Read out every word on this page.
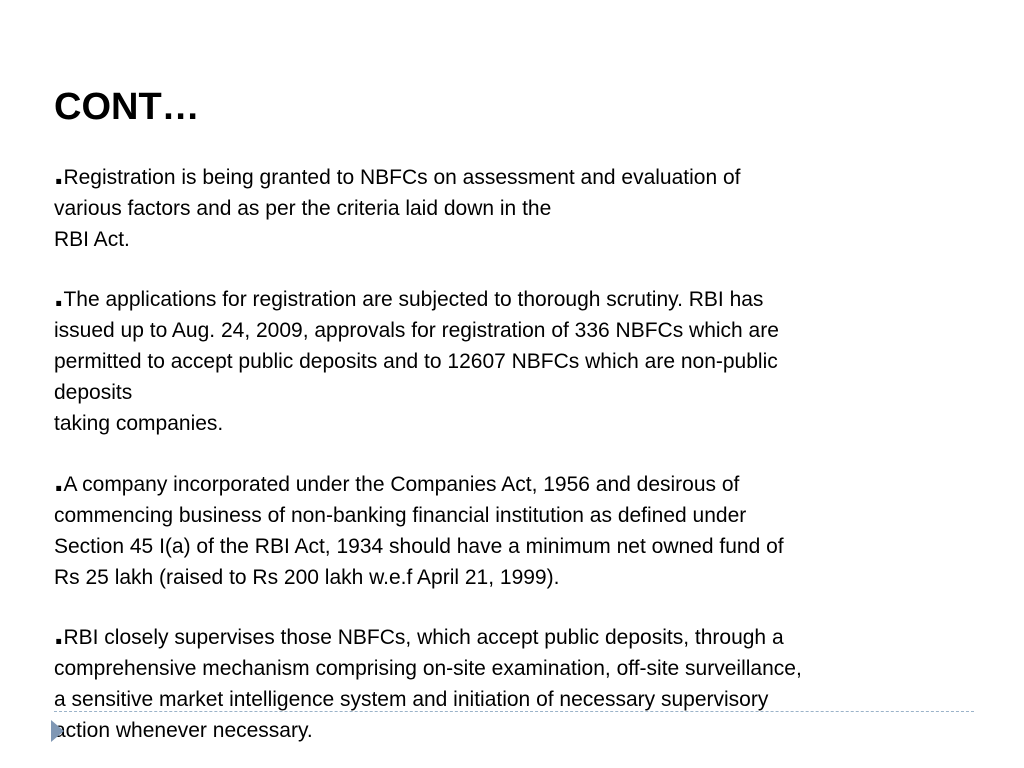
CONT…

.Registration is being granted to NBFCs on assessment and evaluation of
various factors and as per the criteria laid down in the
RBI Act.

.The applications for registration are subjected to thorough scrutiny. RBI has
issued up to Aug. 24, 2009, approvals for registration of 336 NBFCs which are
permitted to accept public deposits and to 12607 NBFCs which are non-public
deposits
taking companies.

.A company incorporated under the Companies Act, 1956 and desirous of
commencing business of non-banking financial institution as defined under
Section 45 I(a) of the RBI Act, 1934 should have a minimum net owned fund of
Rs 25 lakh (raised to Rs 200 lakh w.e.f April 21, 1999).

.RBI closely supervises those NBFCs, which accept public deposits, through a
comprehensive mechanism comprising on-site examination, off-site surveillance,
a sensitive market intelligence system and initiation of necessary supervisory
action whenever necessary.
